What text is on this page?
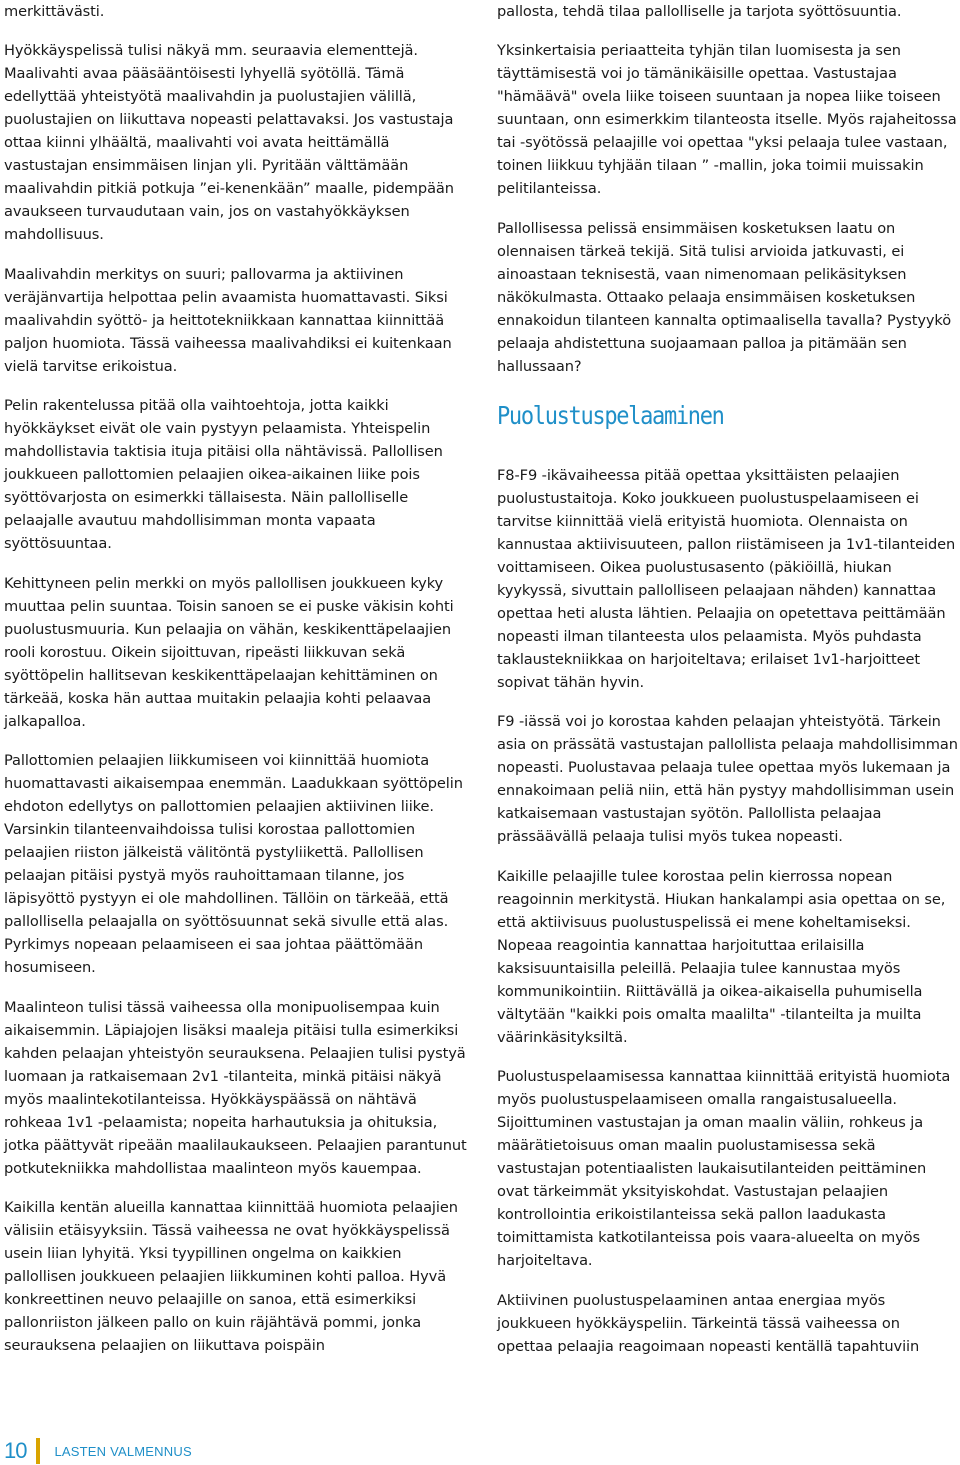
merkittävästi.

Hyökkäyspelissä tulisi näkyä mm. seuraavia elementtejä. Maalivahti avaa pääsääntöisesti lyhyellä syötöllä. Tämä edellyttää yhteistyötä maalivahdin ja puolustajien välillä, puolustajien on liikuttava nopeasti pelattavaksi. Jos vastustaja ottaa kiinni ylhäältä, maalivahti voi avata heittämällä vastustajan ensimmäisen linjan yli. Pyritään välttämään maalivahdin pitkiä potkuja ”ei-kenenkään” maalle, pidempään avaukseen turvaudutaan vain, jos on vastahyökkäyksen mahdollisuus.

Maalivahdin merkitys on suuri; pallovarma ja aktiivinen veräjänvartija helpottaa pelin avaamista huomattavasti. Siksi maalivahdin syöttö- ja heittotekniikkaan kannattaa kiinnittää paljon huomiota. Tässä vaiheessa maalivahdiksi ei kuitenkaan vielä tarvitse erikoistua.

Pelin rakentelussa pitää olla vaihtoehtoja, jotta kaikki hyökkäykset eivät ole vain pystyyn pelaamista. Yhteispelin mahdollistavia taktisia ituja pitäisi olla nähtävissä. Pallollisen joukkueen pallottomien pelaajien oikea-aikainen liike pois syöttövarjosta on esimerkki tällaisesta. Näin pallolliselle pelaajalle avautuu mahdollisimman monta vapaata syöttösuuntaa.

Kehittyneen pelin merkki on myös pallollisen joukkueen kyky muuttaa pelin suuntaa. Toisin sanoen se ei puske väkisin kohti puolustusmuuria. Kun pelaajia on vähän, keskikenttäpelaajien rooli korostuu. Oikein sijoittuvan, ripeästi liikkuvan sekä syöttöpelin hallitsevan keskikenttäpelaajan kehittäminen on tärkeää, koska hän auttaa muitakin pelaajia kohti pelaavaa jalkapalloa.

Pallottomien pelaajien liikkumiseen voi kiinnittää huomiota huomattavasti aikaisempaa enemmän. Laadukkaan syöttöpelin ehdoton edellytys on pallottomien pelaajien aktiivinen liike. Varsinkin tilanteenvaihdoissa tulisi korostaa pallottomien pelaajien riiston jälkeistä välitöntä pystyliikettä. Pallollisen pelaajan pitäisi pystyä myös rauhoittamaan tilanne, jos läpisyöttö pystyyn ei ole mahdollinen. Tällöin on tärkeää, että pallollisella pelaajalla on syöttösuunnat sekä sivulle että alas. Pyrkimys nopeaan pelaamiseen ei saa johtaa päättömään hosumiseen.

Maalinteon tulisi tässä vaiheessa olla monipuolisempaa kuin aikaisemmin. Läpiajojen lisäksi maaleja pitäisi tulla esimerkiksi kahden pelaajan yhteistyön seurauksena. Pelaajien tulisi pystyä luomaan ja ratkaisemaan 2v1 -tilanteita, minkä pitäisi näkyä myös maalintekotilanteissa. Hyökkäyspäässä on nähtävä rohkeaa 1v1 -pelaamista; nopeita harhautuksia ja ohituksia, jotka päättyvät ripeään maalilaukaukseen. Pelaajien parantunut potkutekniikka mahdollistaa maalinteon myös kauempaa.

Kaikilla kentän alueilla kannattaa kiinnittää huomiota pelaajien välisiin etäisyyksiin. Tässä vaiheessa ne ovat hyökkäyspelissä usein liian lyhyitä. Yksi tyypillinen ongelma on kaikkien pallollisen joukkueen pelaajien liikkuminen kohti palloa. Hyvä konkreettinen neuvo pelaajille on sanoa, että esimerkiksi pallonriiston jälkeen pallo on kuin räjähtävä pommi, jonka seurauksena pelaajien on liikuttava poispäin

pallosta, tehdä tilaa pallolliselle ja tarjota syöttösuuntia.

Yksinkertaisia periaatteita tyhjän tilan luomisesta ja sen täyttämisestä voi jo tämänikäisille opettaa. Vastustajaa "hämäävä" ovela liike toiseen suuntaan ja nopea liike toiseen suuntaan, onn esimerkkim tilanteosta itselle. Myös rajaheitossa tai -syötössä pelaajille voi opettaa "yksi pelaaja tulee vastaan, toinen liikkuu tyhjään tilaan ” -mallin, joka toimii muissakin pelitilanteissa.

Pallollisessa pelissä ensimmäisen kosketuksen laatu on olennaisen tärkeä tekijä. Sitä tulisi arvioida jatkuvasti, ei ainoastaan teknisestä, vaan nimenomaan pelikäsityksen näkökulmasta. Ottaako pelaaja ensimmäisen kosketuksen ennakoidun tilanteen kannalta optimaalisella tavalla? Pystyykö pelaaja ahdistettuna suojaamaan palloa ja pitämään sen hallussaan?

Puolustuspelaaminen

F8-F9 -ikävaiheessa pitää opettaa yksittäisten pelaajien puolustustaitoja. Koko joukkueen puolustuspelaamiseen ei tarvitse kiinnittää vielä erityistä huomiota. Olennaista on kannustaa aktiivisuuteen, pallon riistämiseen ja 1v1-tilanteiden voittamiseen. Oikea puolustusasento (päkiöillä, hiukan kyykyssä, sivuttain pallolliseen pelaajaan nähden) kannattaa opettaa heti alusta lähtien. Pelaajia on opetettava peittämään nopeasti ilman tilanteesta ulos pelaamista. Myös puhdasta taklaustekniikkaa on harjoiteltava; erilaiset 1v1-harjoitteet sopivat tähän hyvin.

F9 -iässä voi jo korostaa kahden pelaajan yhteistyötä. Tärkein asia on prässätä vastustajan pallollista pelaaja mahdollisimman nopeasti. Puolustavaa pelaaja tulee opettaa myös lukemaan ja ennakoimaan peliä niin, että hän pystyy mahdollisimman usein katkaisemaan vastustajan syötön. Pallollista pelaajaa prässäävällä pelaaja tulisi myös tukea nopeasti.

Kaikille pelaajille tulee korostaa pelin kierrossa nopean reagoinnin merkitystä. Hiukan hankalampi asia opettaa on se, että aktiivisuus puolustuspelissä ei mene koheltamiseksi. Nopeaa reagointia kannattaa harjoituttaa erilaisilla kaksisuuntaisilla peleillä. Pelaajia tulee kannustaa myös kommunikointiin. Riittävällä ja oikea-aikaisella puhumisella vältytään "kaikki pois omalta maalilta" -tilanteilta ja muilta väärinkäsityksiltä.

Puolustuspelaamisessa kannattaa kiinnittää erityistä huomiota myös puolustuspelaamiseen omalla rangaistusalueella. Sijoittuminen vastustajan ja oman maalin väliin, rohkeus ja määrätietoisuus oman maalin puolustamisessa sekä vastustajan potentiaalisten laukaisutilanteiden peittäminen ovat tärkeimmät yksityiskohdat. Vastustajan pelaajien kontrollointia erikoistilanteissa sekä pallon laadukasta toimittamista katkotilanteissa pois vaara-alueelta on myös harjoiteltava.

Aktiivinen puolustuspelaaminen antaa energiaa myös joukkueen hyökkäyspeliin. Tärkeintä tässä vaiheessa on opettaa pelaajia reagoimaan nopeasti kentällä tapahtuviin

10 LASTEN VALMENNUS
